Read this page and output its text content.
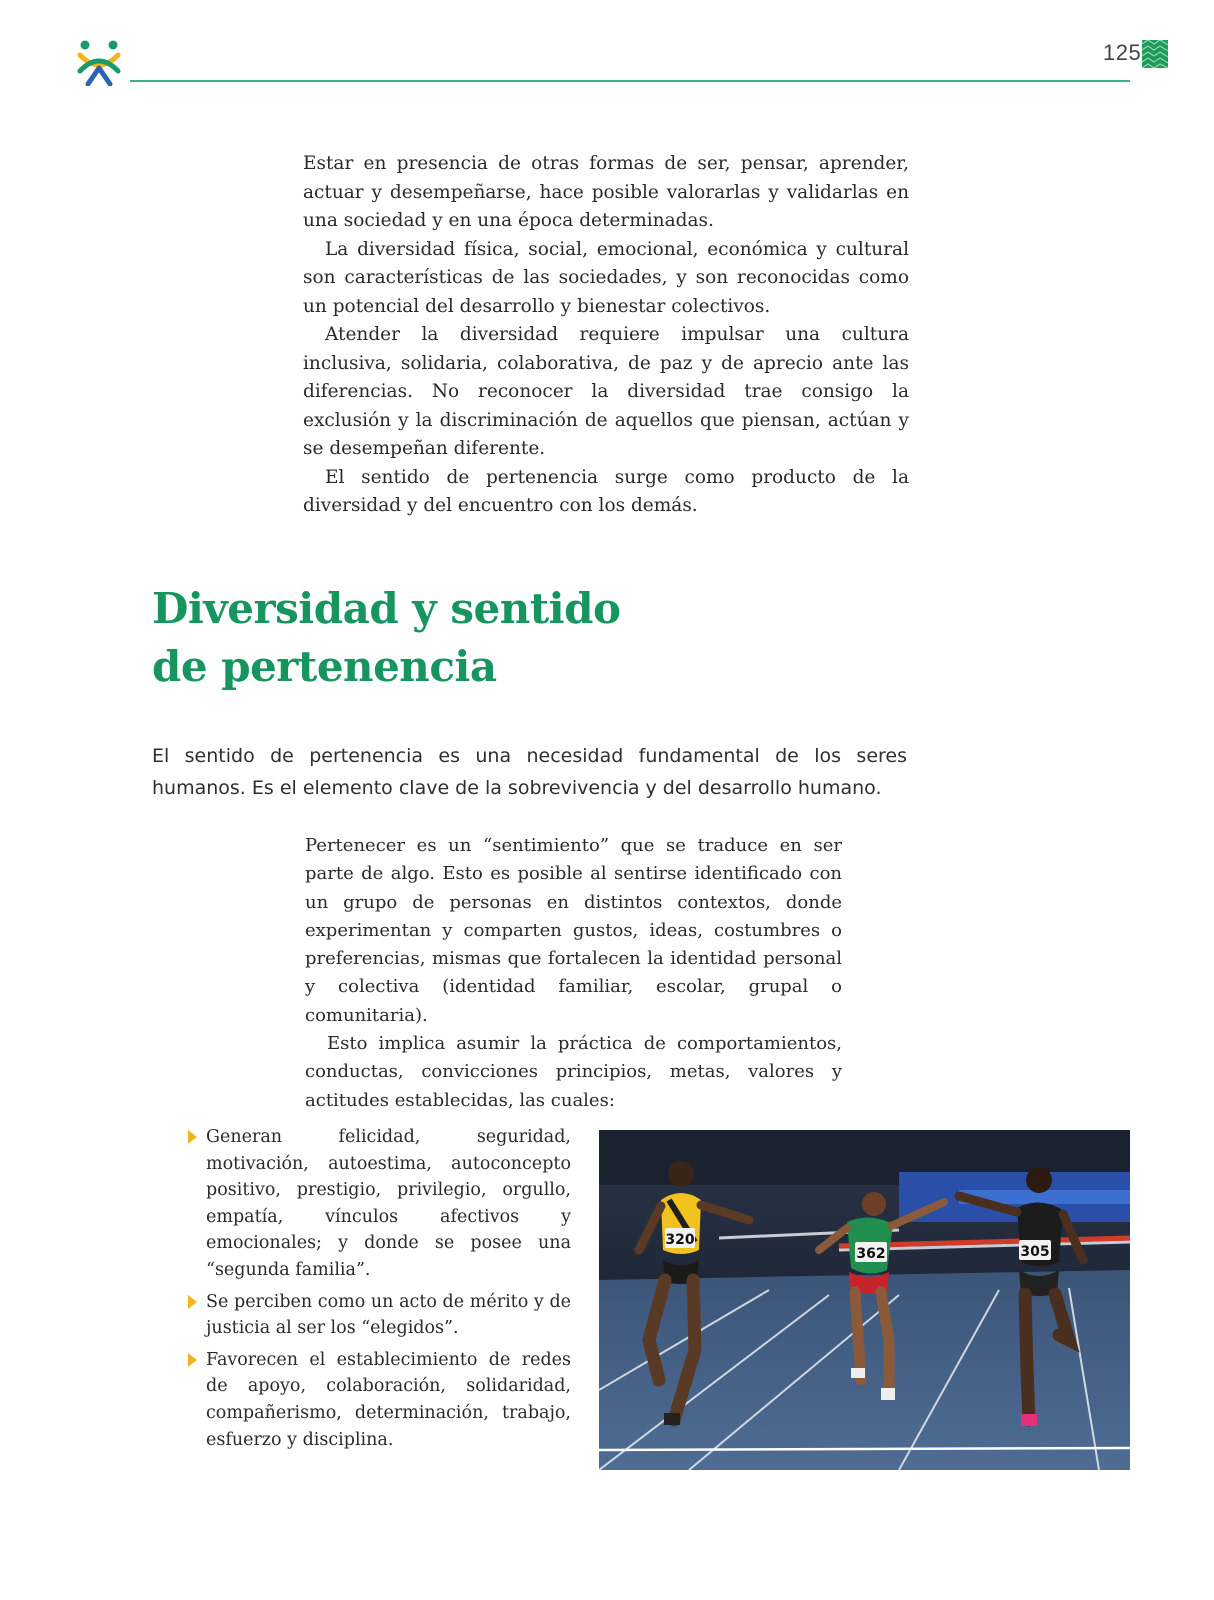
125

Estar en presencia de otras formas de ser, pensar, aprender, actuar y desempeñarse, hace posible valorarlas y validarlas en una sociedad y en una época determinadas.

La diversidad física, social, emocional, económica y cultural son características de las sociedades, y son reconocidas como un potencial del desarrollo y bienestar colectivos.

Atender la diversidad requiere impulsar una cultura inclusiva, solidaria, colaborativa, de paz y de aprecio ante las diferencias. No reconocer la diversidad trae consigo la exclusión y la discriminación de aquellos que piensan, actúan y se desempeñan diferente.

El sentido de pertenencia surge como producto de la diversidad y del encuentro con los demás.

Diversidad y sentido
de pertenencia

El sentido de pertenencia es una necesidad fundamental de los seres humanos. Es el elemento clave de la sobrevivencia y del desarrollo humano.

Pertenecer es un “sentimiento” que se traduce en ser parte de algo. Esto es posible al sentirse identificado con un grupo de personas en distintos contextos, donde experimentan y comparten gustos, ideas, costumbres o preferencias, mismas que fortalecen la identidad personal y colectiva (identidad familiar, escolar, grupal o comunitaria).

Esto implica asumir la práctica de comportamientos, conductas, convicciones principios, metas, valores y actitudes establecidas, las cuales:

Generan felicidad, seguridad, motivación, autoestima, autoconcepto positivo, prestigio, privilegio, orgullo, empatía, vínculos afectivos y emocionales; y donde se posee una “segunda familia”.
Se perciben como un acto de mérito y de justicia al ser los “elegidos”.
Favorecen el establecimiento de redes de apoyo, colaboración, solidaridad, compañerismo, determinación, trabajo, esfuerzo y disciplina.
320
362	305
